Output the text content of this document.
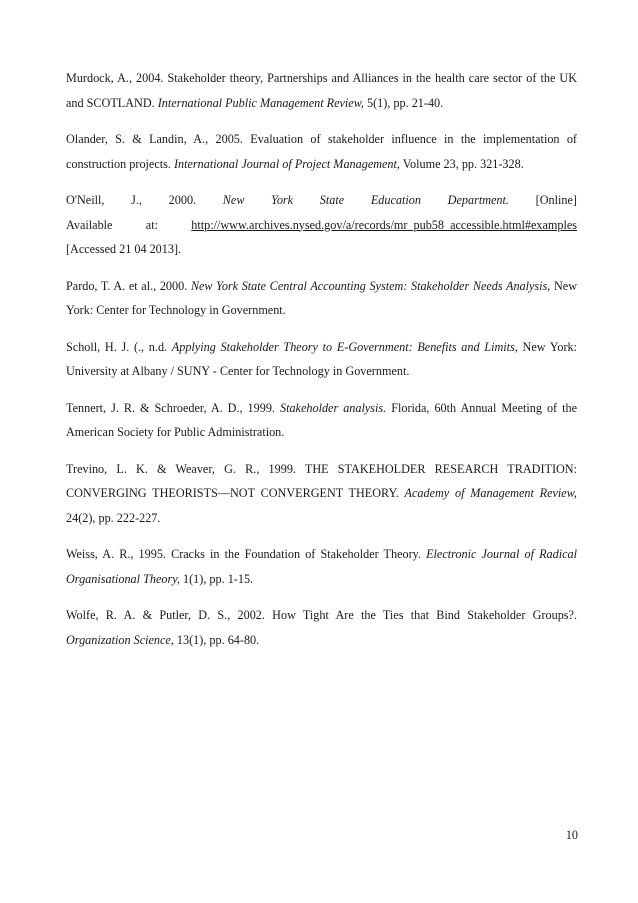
Murdock, A., 2004. Stakeholder theory, Partnerships and Alliances in the health care sector of the UK and SCOTLAND. International Public Management Review, 5(1), pp. 21-40.

Olander, S. & Landin, A., 2005. Evaluation of stakeholder influence in the implementation of construction projects. International Journal of Project Management, Volume 23, pp. 321-328.

O'Neill, J., 2000. New York State Education Department. [Online]
Available	at:	http://www.archives.nysed.gov/a/records/mr_pub58_accessible.html#examples
[Accessed 21 04 2013].

Pardo, T. A. et al., 2000. New York State Central Accounting System: Stakeholder Needs Analysis, New York: Center for Technology in Government.

Scholl, H. J. (., n.d. Applying Stakeholder Theory to E-Government: Benefits and Limits, New York: University at Albany / SUNY - Center for Technology in Government.

Tennert, J. R. & Schroeder, A. D., 1999. Stakeholder analysis. Florida, 60th Annual Meeting of the American Society for Public Administration.

Trevino, L. K. & Weaver, G. R., 1999. THE STAKEHOLDER RESEARCH TRADITION: CONVERGING THEORISTS—NOT CONVERGENT THEORY. Academy of Management Review, 24(2), pp. 222-227.

Weiss, A. R., 1995. Cracks in the Foundation of Stakeholder Theory. Electronic Journal of Radical Organisational Theory, 1(1), pp. 1-15.

Wolfe, R. A. & Putler, D. S., 2002. How Tight Are the Ties that Bind Stakeholder Groups?. Organization Science, 13(1), pp. 64-80.

10
